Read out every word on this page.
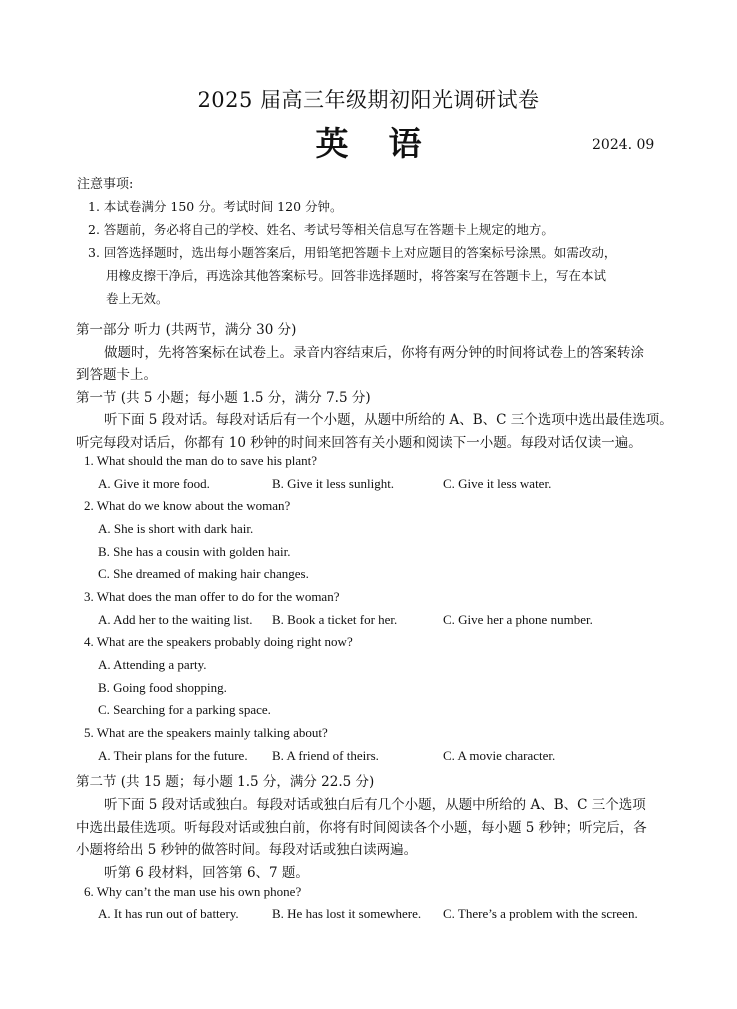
2025 届高三年级期初阳光调研试卷
英语	2024. 09
注意事项:
1. 本试卷满分 150 分。考试时间 120 分钟。
2. 答题前，务必将自己的学校、姓名、考试号等相关信息写在答题卡上规定的地方。
3. 回答选择题时，选出每小题答案后，用铅笔把答题卡上对应题目的答案标号涂黑。如需改动，
用橡皮擦干净后，再选涂其他答案标号。回答非选择题时，将答案写在答题卡上，写在本试
卷上无效。
第一部分 听力 (共两节，满分 30 分)
做题时，先将答案标在试卷上。录音内容结束后，你将有两分钟的时间将试卷上的答案转涂
到答题卡上。
第一节 (共 5 小题；每小题 1.5 分，满分 7.5 分)
听下面 5 段对话。每段对话后有一个小题，从题中所给的 A、B、C 三个选项中选出最佳选项。
听完每段对话后，你都有 10 秒钟的时间来回答有关小题和阅读下一小题。每段对话仅读一遍。
1. What should the man do to save his plant?
A. Give it more food.	B. Give it less sunlight.	C. Give it less water.
2. What do we know about the woman?
A. She is short with dark hair.
B. She has a cousin with golden hair.
C. She dreamed of making hair changes.
3. What does the man offer to do for the woman?
A. Add her to the waiting list. B. Book a ticket for her.	C. Give her a phone number.
4. What are the speakers probably doing right now?
A. Attending a party.
B. Going food shopping.
C. Searching for a parking space.
5. What are the speakers mainly talking about?
A. Their plans for the future. B. A friend of theirs.	C. A movie character.
第二节 (共 15 题；每小题 1.5 分，满分 22.5 分)
听下面 5 段对话或独白。每段对话或独白后有几个小题，从题中所给的 A、B、C 三个选项
中选出最佳选项。听每段对话或独白前，你将有时间阅读各个小题，每小题 5 秒钟；听完后，各
小题将给出 5 秒钟的做答时间。每段对话或独白读两遍。
听第 6 段材料，回答第 6、7 题。
6. Why can’t the man use his own phone?
A. It has run out of battery.	B. He has lost it somewhere. C. There’s a problem with the screen.
